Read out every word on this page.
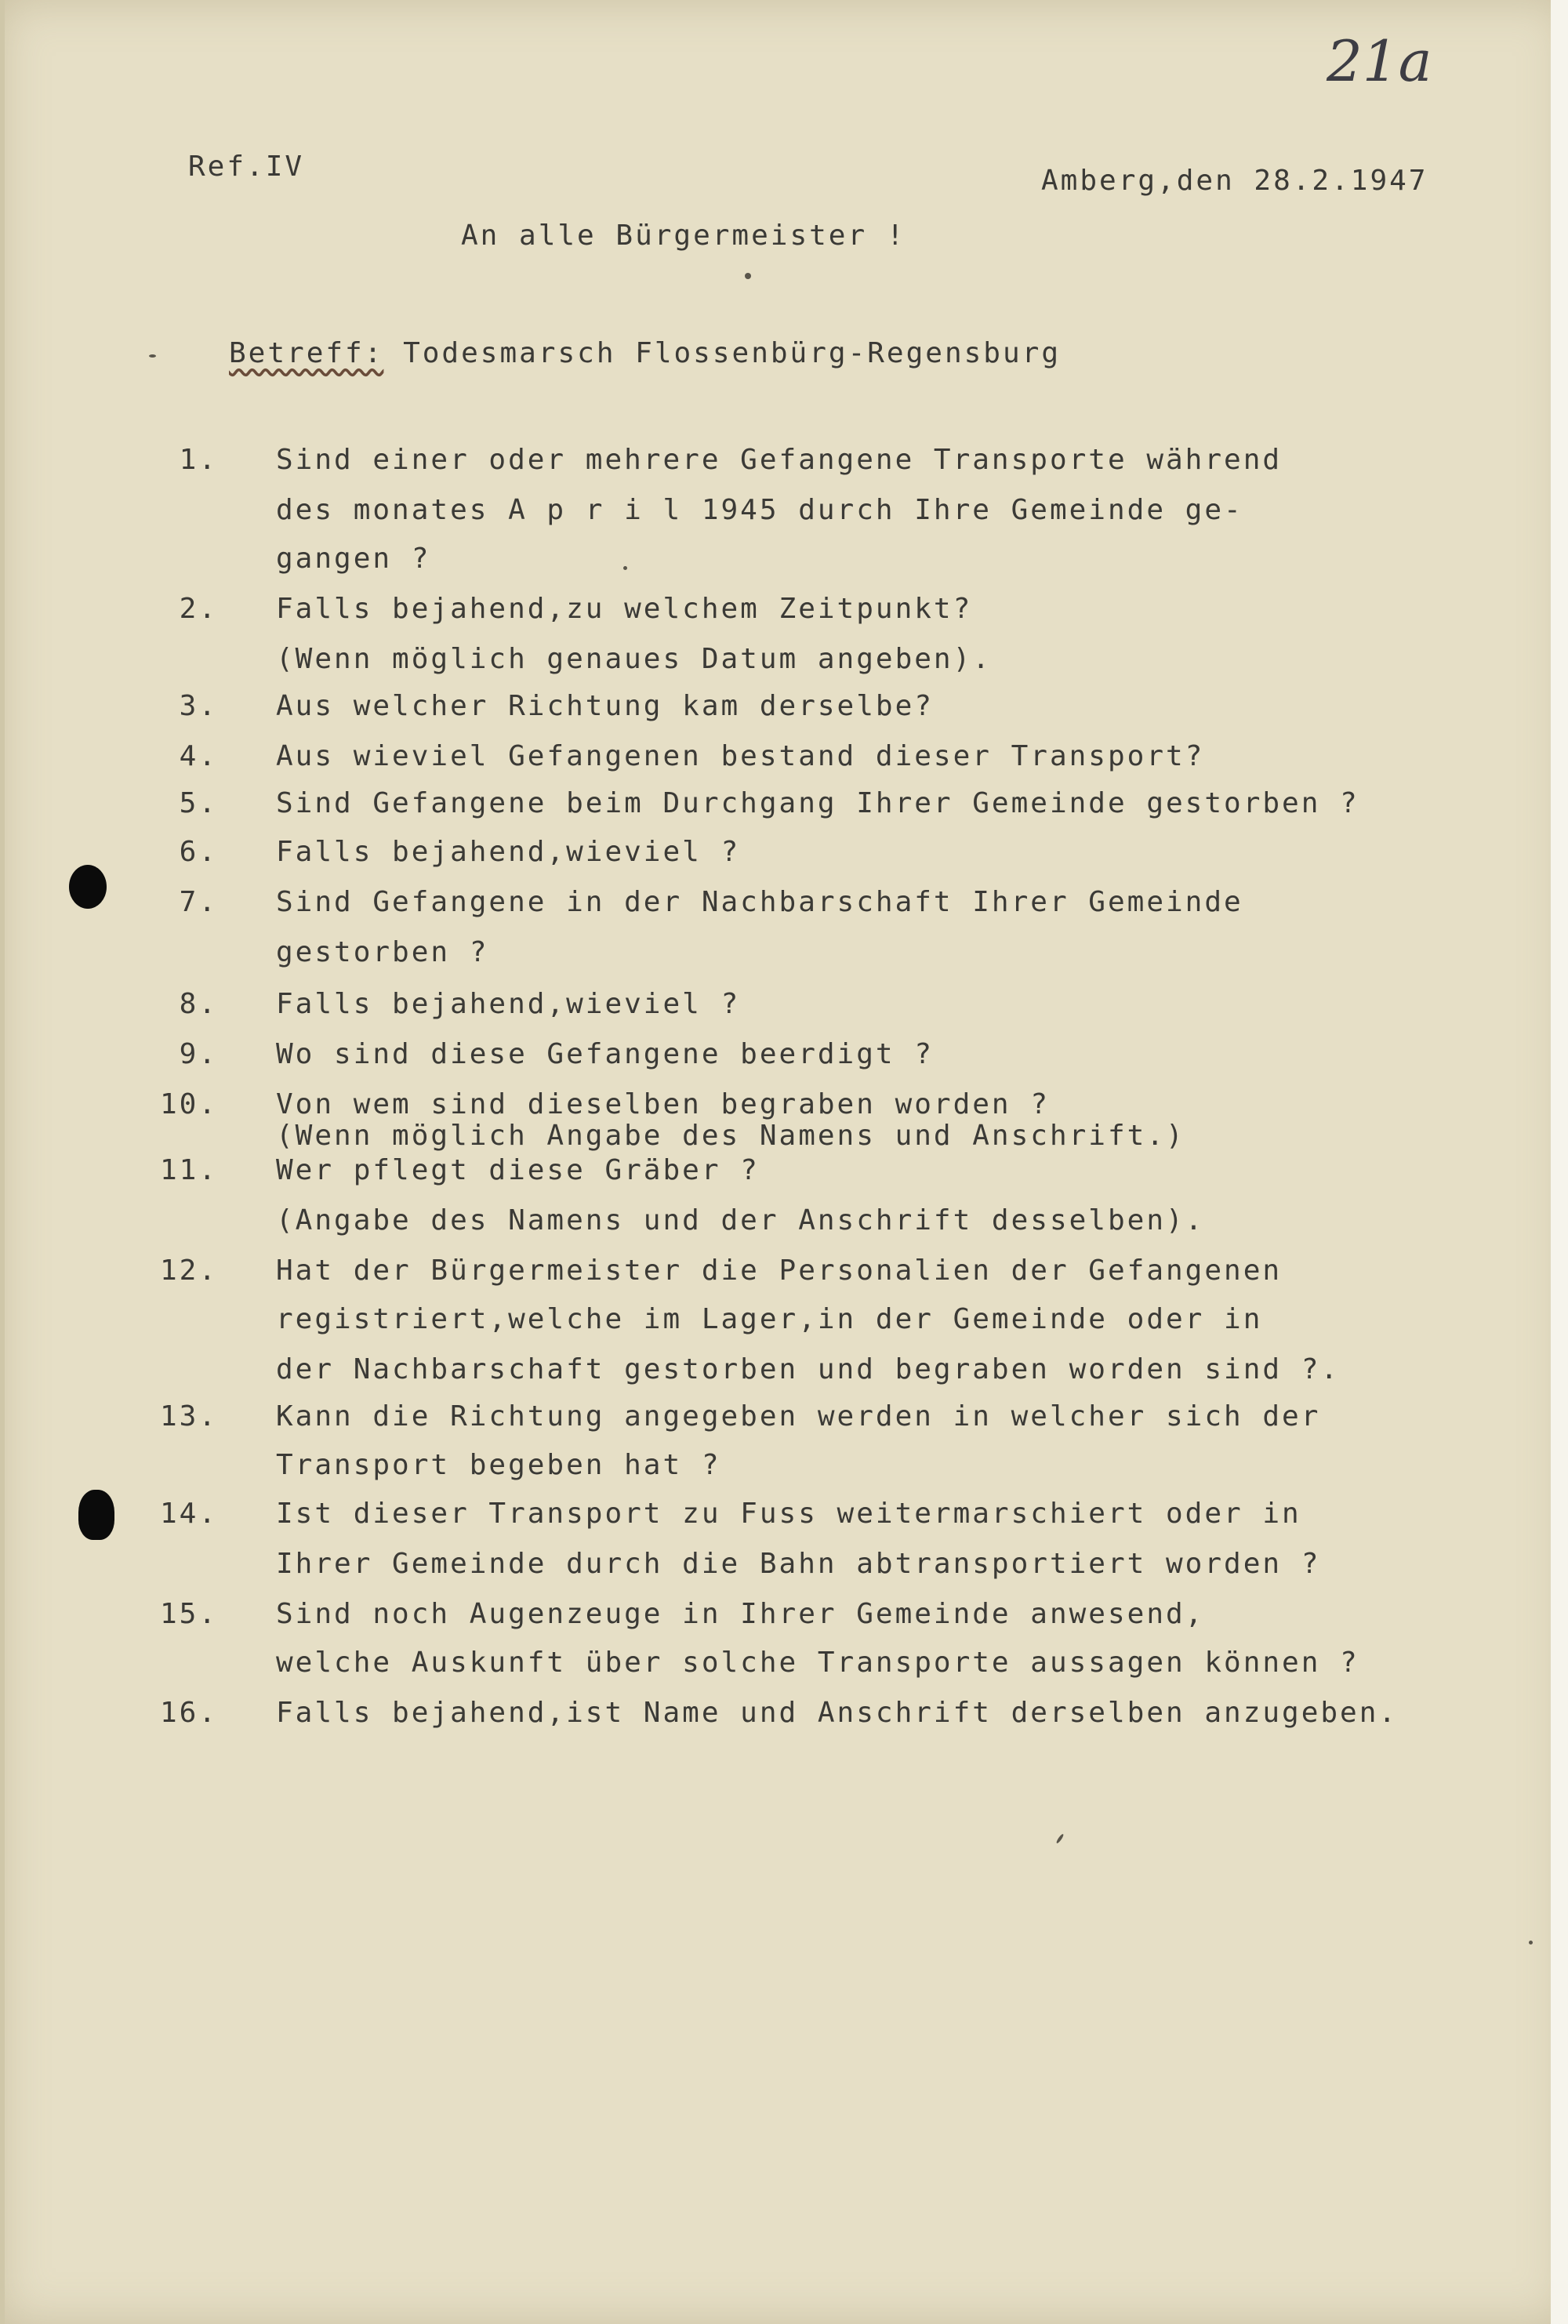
21a
Ref.IV	Amberg,den 28.2.1947
An alle Bürgermeister !
Betreff: Todesmarsch Flossenbürg-Regensburg
1. Sind einer oder mehrere Gefangene Transporte während
des monates A p r i l 1945 durch Ihre Gemeinde ge-
gangen ?
2. Falls bejahend,zu welchem Zeitpunkt?
(Wenn möglich genaues Datum angeben).
3. Aus welcher Richtung kam derselbe?
4. Aus wieviel Gefangenen bestand dieser Transport?
5. Sind Gefangene beim Durchgang Ihrer Gemeinde gestorben ?
6. Falls bejahend,wieviel ?
7. Sind Gefangene in der Nachbarschaft Ihrer Gemeinde
gestorben ?
8. Falls bejahend,wieviel ?
9. Wo sind diese Gefangene beerdigt ?
10. Von wem sind dieselben begraben worden ?
(Wenn möglich Angabe des Namens und Anschrift.)
11. Wer pflegt diese Gräber ?
(Angabe des Namens und der Anschrift desselben).
12. Hat der Bürgermeister die Personalien der Gefangenen
registriert,welche im Lager,in der Gemeinde oder in
der Nachbarschaft gestorben und begraben worden sind ?.
13. Kann die Richtung angegeben werden in welcher sich der
Transport begeben hat ?
14. Ist dieser Transport zu Fuss weitermarschiert oder in
Ihrer Gemeinde durch die Bahn abtransportiert worden ?
15. Sind noch Augenzeuge in Ihrer Gemeinde anwesend,
welche Auskunft über solche Transporte aussagen können ?
16. Falls bejahend,ist Name und Anschrift derselben anzugeben.
